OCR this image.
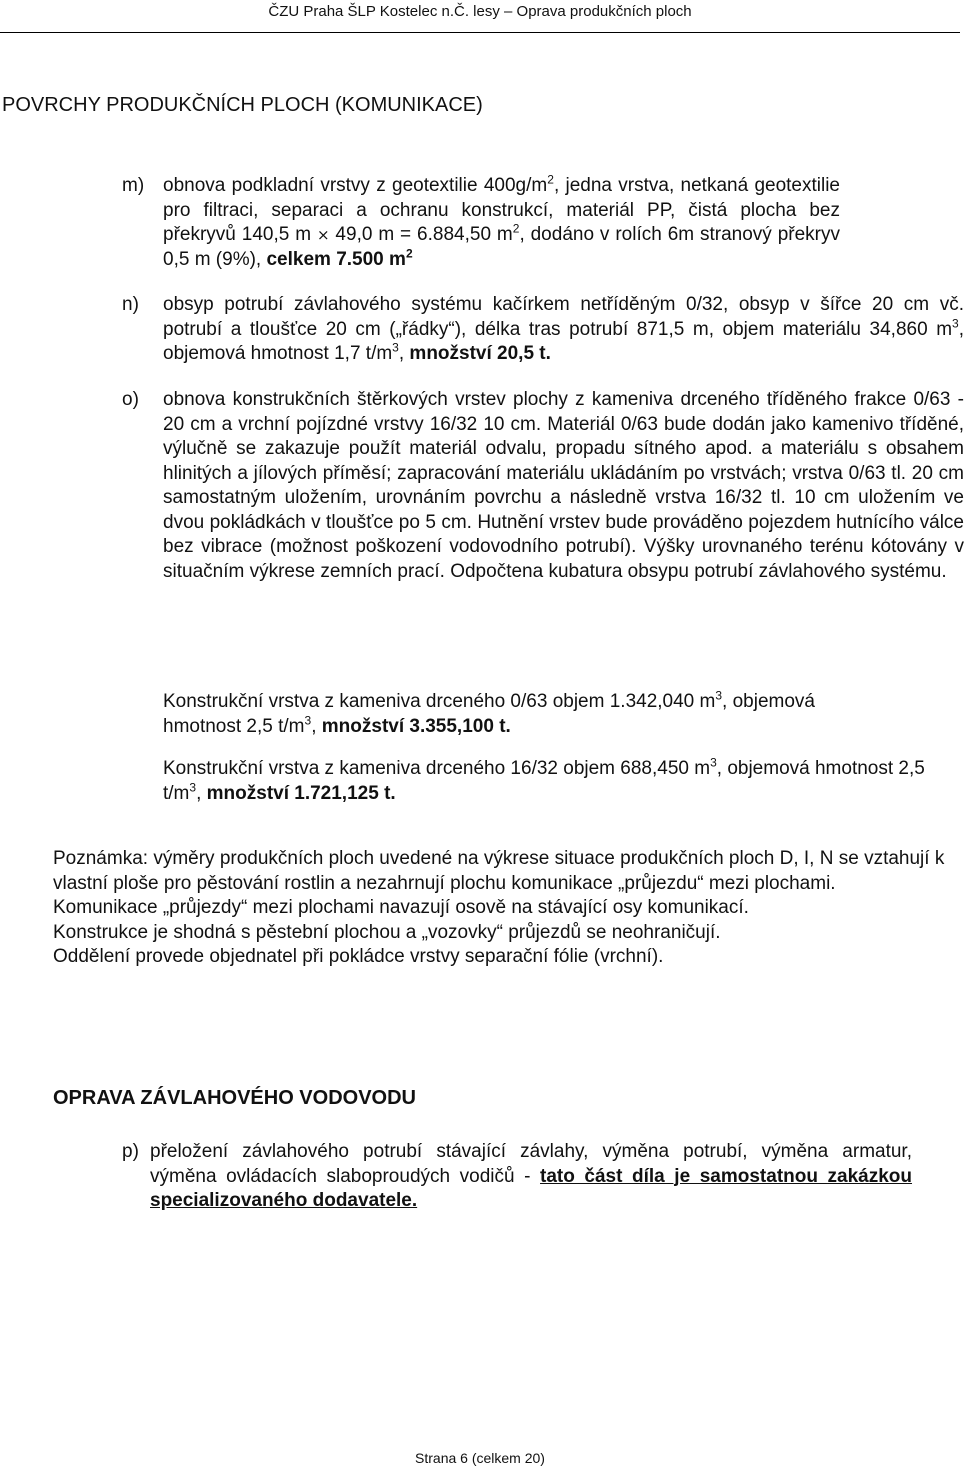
ČZU Praha ŠLP Kostelec n.Č. lesy – Oprava produkčních ploch
POVRCHY PRODUKČNÍCH PLOCH (KOMUNIKACE)
m) obnova podkladní vrstvy z geotextilie $400g/m^2$, jedna vrstva, netkaná geotextilie pro filtraci, separaci a ochranu konstrukcí, materiál PP, čistá plocha bez překryvů 140,5 m × 49,0 m = 6.884,50 $m^2$, dodáno v rolích 6m stranový překryv 0,5 m (9%), celkem 7.500 $m^2$
n) obsyp potrubí závlahového systému kačírkem netříděným 0/32, obsyp v šířce 20 cm vč. potrubí a tloušťce 20 cm („řádky“), délka tras potrubí 871,5 m, objem materiálu 34,860 $m^3$, objemová hmotnost 1,7 $t/m^3$, množství 20,5 t.
o) obnova konstrukčních štěrkových vrstev plochy z kameniva drceného tříděného frakce 0/63 - 20 cm a vrchní pojízdné vrstvy 16/32 10 cm. Materiál 0/63 bude dodán jako kamenivo tříděné, výlučně se zakazuje použít materiál odvalu, propadu sítného apod. a materiálu s obsahem hlinitých a jílových příměsí; zapracování materiálu ukládáním po vrstvách; vrstva 0/63 tl. 20 cm samostatným uložením, urovnáním povrchu a následně vrstva 16/32 tl. 10 cm uložením ve dvou pokládkách v tloušťce po 5 cm. Hutnění vrstev bude prováděno pojezdem hutnícího válce bez vibrace (možnost poškození vodovodního potrubí). Výšky urovnaného terénu kótovány v situačním výkrese zemních prací. Odpočtena kubatura obsypu potrubí závlahového systému.
Konstrukční vrstva z kameniva drceného 0/63 objem 1.342,040 $m^3$, objemová hmotnost 2,5 $t/m^3$, množství 3.355,100 t.
Konstrukční vrstva z kameniva drceného 16/32 objem 688,450 $m^3$, objemová hmotnost 2,5 $t/m^3$, množství 1.721,125 t.

Poznámka: výměry produkčních ploch uvedené na výkrese situace produkčních ploch D, I, N se vztahují k vlastní ploše pro pěstování rostlin a nezahrnují plochu komunikace „průjezdu“ mezi plochami.

Komunikace „průjezdy“ mezi plochami navazují osově na stávající osy komunikací.

Konstrukce je shodná s pěstební plochou a „vozovky“ průjezdů se neohraničují.

Oddělení provede objednatel při pokládce vrstvy separační fólie (vrchní).

OPRAVA ZÁVLAHOVÉHO VODOVODU
p) přeložení závlahového potrubí stávající závlahy, výměna potrubí, výměna armatur, výměna ovládacích slaboproudých vodičů - tato část díla je samostatnou zakázkou specializovaného dodavatele.
Strana 6 (celkem 20)
